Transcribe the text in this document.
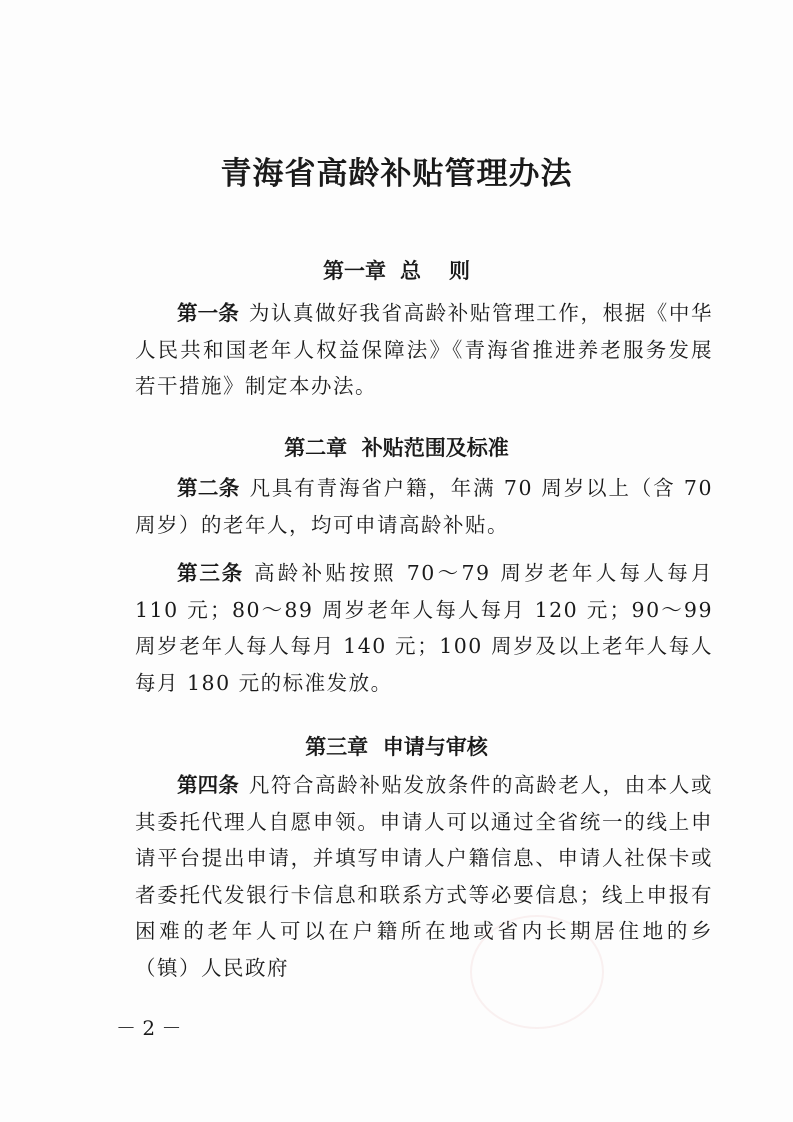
青海省高龄补贴管理办法
第一章 总 则
第一条 为认真做好我省高龄补贴管理工作，根据《中华人民共和国老年人权益保障法》《青海省推进养老服务发展若干措施》制定本办法。
第二章  补贴范围及标准
第二条 凡具有青海省户籍，年满 70 周岁以上（含 70 周岁）的老年人，均可申请高龄补贴。
第三条 高龄补贴按照 70～79 周岁老年人每人每月 110 元；80～89 周岁老年人每人每月 120 元；90～99 周岁老年人每人每月 140 元；100 周岁及以上老年人每人每月 180 元的标准发放。
第三章  申请与审核
第四条 凡符合高龄补贴发放条件的高龄老人，由本人或其委托代理人自愿申领。申请人可以通过全省统一的线上申请平台提出申请，并填写申请人户籍信息、申请人社保卡或者委托代发银行卡信息和联系方式等必要信息；线上申报有困难的老年人可以在户籍所在地或省内长期居住地的乡（镇）人民政府
－ 2 －
